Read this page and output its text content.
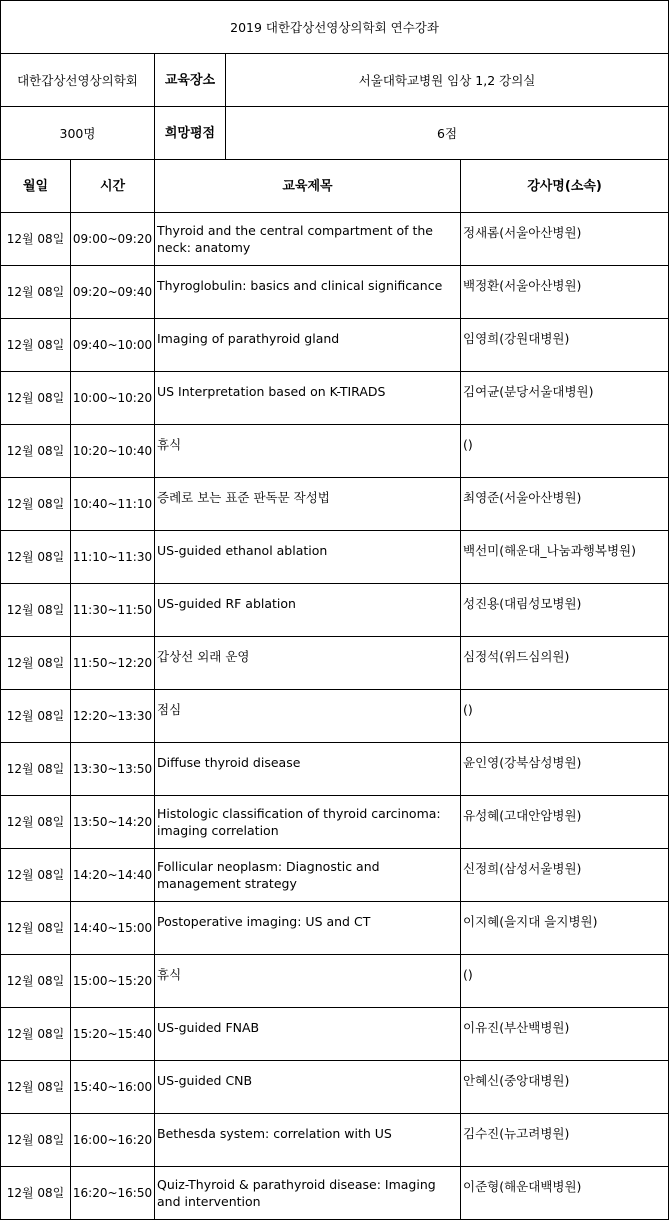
2019 대한갑상선영상의학회 연수강좌				
대한갑상선영상의학회		교육장소	서울대학교병원 임상 1,2 강의실	
300명		희망평점	6점	
월일	시간	교육제목		강사명(소속)
12월 08일	09:00~09:20	Thyroid and the central compartment of the neck: anatomy		정새롬(서울아산병원)
12월 08일	09:20~09:40	Thyroglobulin: basics and clinical significance		백정환(서울아산병원)
12월 08일	09:40~10:00	Imaging of parathyroid gland		임영희(강원대병원)
12월 08일	10:00~10:20	US Interpretation based on K-TIRADS		김여균(분당서울대병원)
12월 08일	10:20~10:40	휴식		()
12월 08일	10:40~11:10	증례로 보는 표준 판독문 작성법		최영준(서울아산병원)
12월 08일	11:10~11:30	US-guided ethanol ablation		백선미(해운대_나눔과행복병원)
12월 08일	11:30~11:50	US-guided RF ablation		성진용(대림성모병원)
12월 08일	11:50~12:20	갑상선 외래 운영		심정석(위드심의원)
12월 08일	12:20~13:30	점심		()
12월 08일	13:30~13:50	Diffuse thyroid disease		윤인영(강북삼성병원)
12월 08일	13:50~14:20	Histologic classification of thyroid carcinoma: imaging correlation		유성혜(고대안암병원)
12월 08일	14:20~14:40	Follicular neoplasm: Diagnostic and management strategy		신정희(삼성서울병원)
12월 08일	14:40~15:00	Postoperative imaging: US and CT		이지혜(을지대 을지병원)
12월 08일	15:00~15:20	휴식		()
12월 08일	15:20~15:40	US-guided FNAB		이유진(부산백병원)
12월 08일	15:40~16:00	US-guided CNB		안혜신(중앙대병원)
12월 08일	16:00~16:20	Bethesda system: correlation with US		김수진(뉴고려병원)
12월 08일	16:20~16:50	Quiz-Thyroid & parathyroid disease: Imaging and intervention		이준형(해운대백병원)
